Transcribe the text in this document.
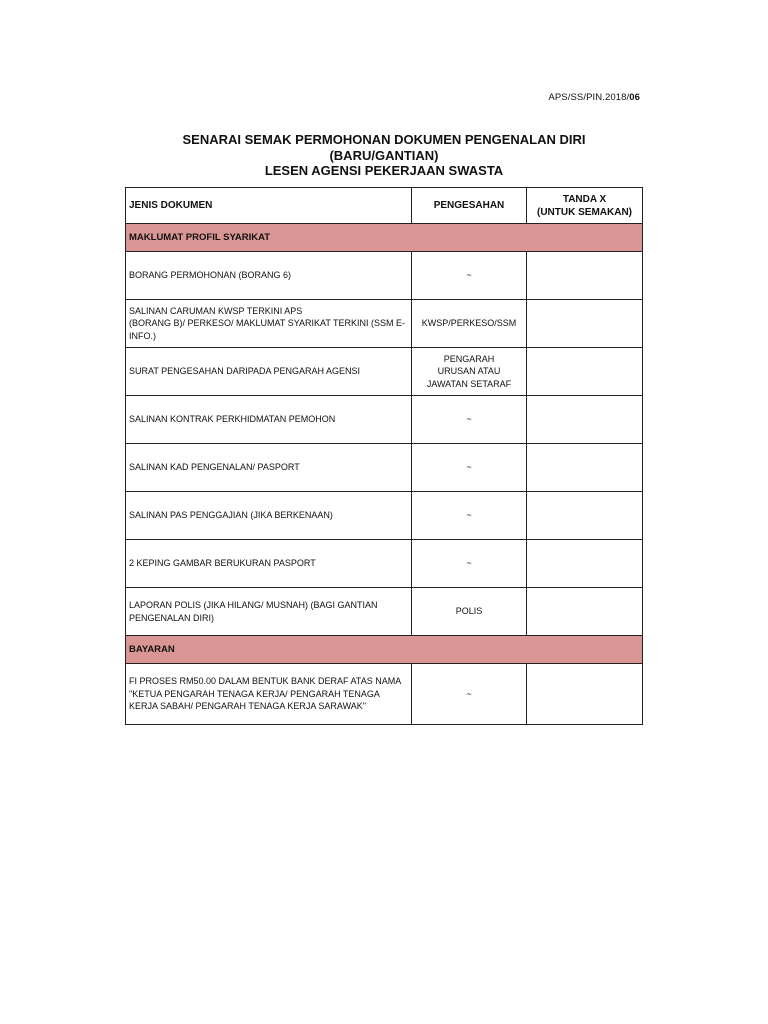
APS/SS/PIN.2018/06
SENARAI SEMAK PERMOHONAN DOKUMEN PENGENALAN DIRI
(BARU/GANTIAN)
LESEN AGENSI PEKERJAAN SWASTA
JENIS DOKUMEN	PENGESAHAN	TANDA X
(UNTUK SEMAKAN)

MAKLUMAT PROFIL SYARIKAT		
BORANG PERMOHONAN (BORANG 6)	~	
SALINAN CARUMAN KWSP TERKINI APS
(BORANG B)/ PERKESO/ MAKLUMAT SYARIKAT TERKINI (SSM E-INFO.)	KWSP/PERKESO/SSM	
SURAT PENGESAHAN DARIPADA PENGARAH AGENSI	PENGARAH URUSAN ATAU JAWATAN SETARAF	
SALINAN KONTRAK PERKHIDMATAN PEMOHON	~	
SALINAN KAD PENGENALAN/ PASPORT	~	
SALINAN PAS PENGGAJIAN (JIKA BERKENAAN)	~	
2 KEPING GAMBAR BERUKURAN PASPORT	~	
LAPORAN POLIS (JIKA HILANG/ MUSNAH) (BAGI GANTIAN PENGENALAN DIRI)	POLIS	
BAYARAN		
FI PROSES RM50.00 DALAM BENTUK BANK DERAF ATAS NAMA "KETUA PENGARAH TENAGA KERJA/ PENGARAH TENAGA KERJA SABAH/ PENGARAH TENAGA KERJA SARAWAK"	~	
